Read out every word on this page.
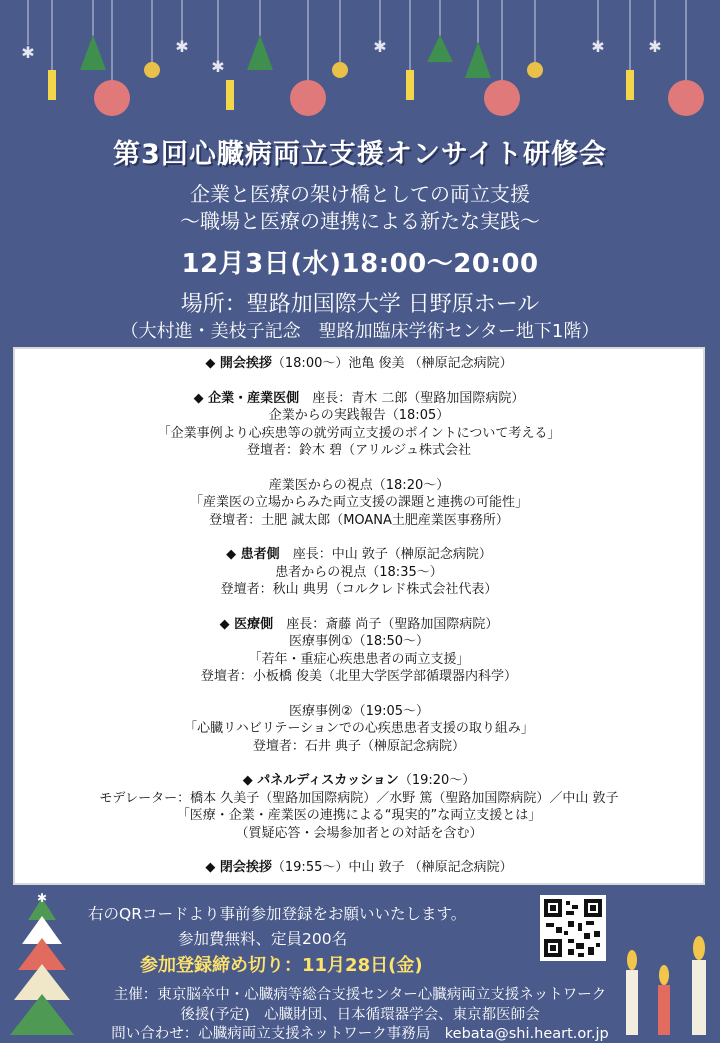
✱	✱	✱	✱	✱
✱
第3回心臓病両立支援オンサイト研修会
企業と医療の架け橋としての両立支援
〜職場と医療の連携による新たな実践〜
12月3日(水)18:00〜20:00
場所：聖路加国際大学 日野原ホール
（大村進・美枝子記念　聖路加臨床学術センター地下1階）
◆ 開会挨拶（18:00〜）池亀 俊美 （榊原記念病院）
◆ 企業・産業医側　座長：青木 二郎（聖路加国際病院）
企業からの実践報告（18:05）
「企業事例より心疾患等の就労両立支援のポイントについて考える」
登壇者：鈴木 碧（アリルジュ株式会社
産業医からの視点（18:20〜）
「産業医の立場からみた両立支援の課題と連携の可能性」
登壇者：土肥 誠太郎（MOANA土肥産業医事務所）
◆ 患者側　座長：中山 敦子（榊原記念病院）
患者からの視点（18:35〜）
登壇者：秋山 典男（コルクレド株式会社代表）
◆ 医療側　座長：斎藤 尚子（聖路加国際病院）
医療事例①（18:50〜）
「若年・重症心疾患患者の両立支援」
登壇者：小板橋 俊美（北里大学医学部循環器内科学）
医療事例②（19:05〜）
「心臓リハビリテーションでの心疾患患者支援の取り組み」
登壇者：石井 典子（榊原記念病院）
◆ パネルディスカッション（19:20〜）
モデレーター：橋本 久美子（聖路加国際病院）／水野 篤（聖路加国際病院）／中山 敦子
「医療・企業・産業医の連携による“現実的”な両立支援とは」
（質疑応答・会場参加者との対話を含む）
◆ 閉会挨拶（19:55〜）中山 敦子 （榊原記念病院）
✱
右のQRコードより事前参加登録をお願いいたします。
参加費無料、定員200名
参加登録締め切り：11月28日(金)
主催：東京脳卒中・心臓病等総合支援センター心臓病両立支援ネットワーク
後援(予定)　心臓財団、日本循環器学会、東京都医師会
問い合わせ：心臓病両立支援ネットワーク事務局　kebata@shi.heart.or.jp
